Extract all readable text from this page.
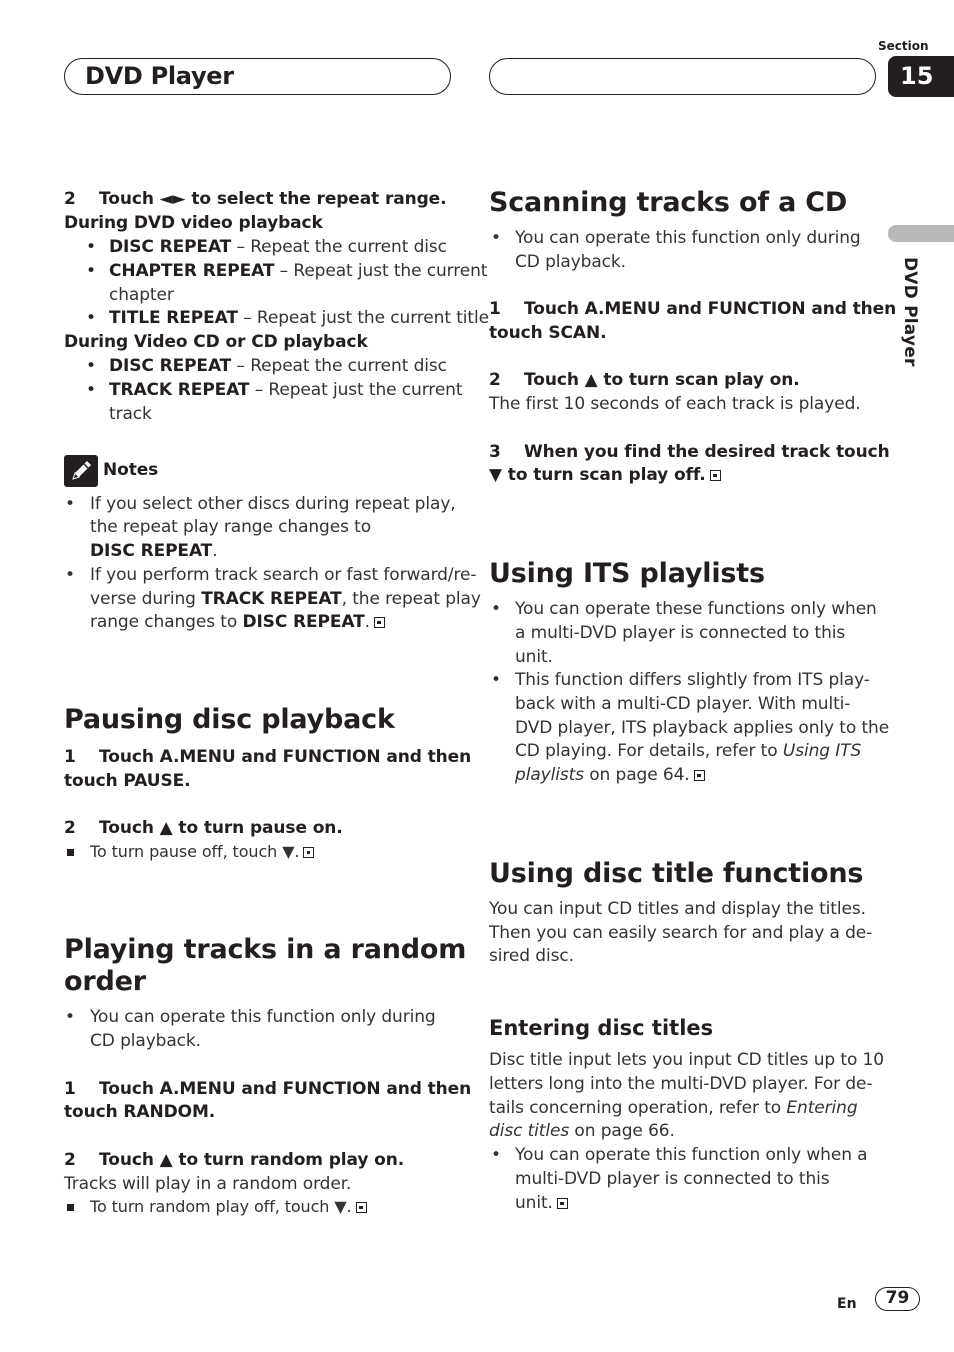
DVD Player
Section
15
DVD Player
2 Touch ◄► to select the repeat range.
During DVD video playback
• DISC REPEAT – Repeat the current disc
• CHAPTER REPEAT – Repeat just the current
chapter
• TITLE REPEAT – Repeat just the current title
During Video CD or CD playback
• DISC REPEAT – Repeat the current disc
• TRACK REPEAT – Repeat just the current
track
Notes
• If you select other discs during repeat play,
the repeat play range changes to
DISC REPEAT.
• If you perform track search or fast forward/re-
verse during TRACK REPEAT, the repeat play
range changes to DISC REPEAT.
Pausing disc playback
1 Touch A.MENU and FUNCTION and then
touch PAUSE.
2 Touch ▲ to turn pause on.
To turn pause off, touch ▼.
Playing tracks in a random
order
• You can operate this function only during
CD playback.
1 Touch A.MENU and FUNCTION and then
touch RANDOM.
2 Touch ▲ to turn random play on.
Tracks will play in a random order.
To turn random play off, touch ▼.
Scanning tracks of a CD
• You can operate this function only during
CD playback.
1 Touch A.MENU and FUNCTION and then
touch SCAN.
2 Touch ▲ to turn scan play on.
The first 10 seconds of each track is played.
3 When you find the desired track touch
▼ to turn scan play off.
Using ITS playlists
• You can operate these functions only when
a multi-DVD player is connected to this
unit.
• This function differs slightly from ITS play-
back with a multi-CD player. With multi-
DVD player, ITS playback applies only to the
CD playing. For details, refer to Using ITS
playlists on page 64.
Using disc title functions
You can input CD titles and display the titles.
Then you can easily search for and play a de-
sired disc.
Entering disc titles
Disc title input lets you input CD titles up to 10
letters long into the multi-DVD player. For de-
tails concerning operation, refer to Entering
disc titles on page 66.
• You can operate this function only when a
multi-DVD player is connected to this
unit.
En	79
